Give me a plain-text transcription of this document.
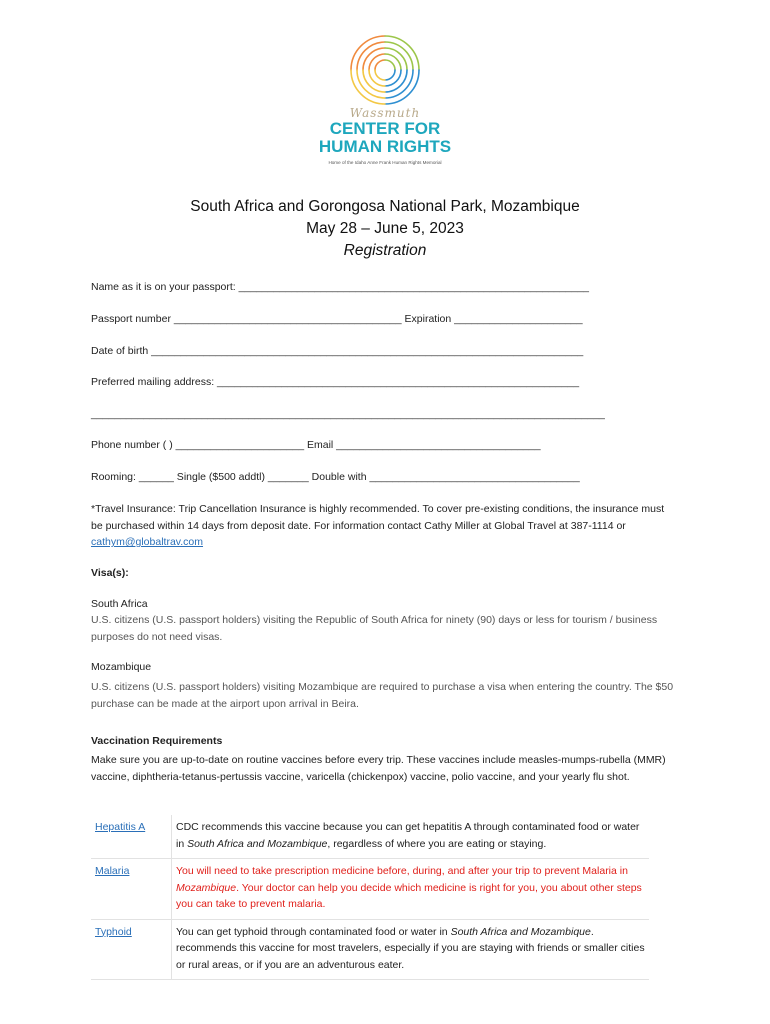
Wassmuth
CENTER FOR
HUMAN RIGHTS
Home of the Idaho Anne Frank Human Rights Memorial
South Africa and Gorongosa National Park, Mozambique
May 28 – June 5, 2023
Registration
Name as it is on your passport: ____________________________________________________________
Passport number _______________________________________ Expiration ______________________
Date of birth __________________________________________________________________________
Preferred mailing address: ______________________________________________________________
________________________________________________________________________________________
Phone number ( ) ______________________ Email ___________________________________
Rooming: ______ Single ($500 addtl) _______ Double with ____________________________________
*Travel Insurance: Trip Cancellation Insurance is highly recommended. To cover pre-existing conditions, the insurance must be purchased within 14 days from deposit date. For information contact Cathy Miller at Global Travel at 387-1114 or cathym@globaltrav.com
Visa(s):
South Africa
U.S. citizens (U.S. passport holders) visiting the Republic of South Africa for ninety (90) days or less for tourism / business purposes do not need visas.
Mozambique
U.S. citizens (U.S. passport holders) visiting Mozambique are required to purchase a visa when entering the country. The $50 purchase can be made at the airport upon arrival in Beira.
Vaccination Requirements
Make sure you are up-to-date on routine vaccines before every trip. These vaccines include measles-mumps-rubella (MMR) vaccine, diphtheria-tetanus-pertussis vaccine, varicella (chickenpox) vaccine, polio vaccine, and your yearly flu shot.
Hepatitis A	CDC recommends this vaccine because you can get hepatitis A through contaminated food or water in South Africa and Mozambique, regardless of where you are eating or staying.
Malaria	You will need to take prescription medicine before, during, and after your trip to prevent Malaria in Mozambique. Your doctor can help you decide which medicine is right for you, you about other steps you can take to prevent malaria.
Typhoid	You can get typhoid through contaminated food or water in South Africa and Mozambique. recommends this vaccine for most travelers, especially if you are staying with friends or smaller cities or rural areas, or if you are an adventurous eater.
